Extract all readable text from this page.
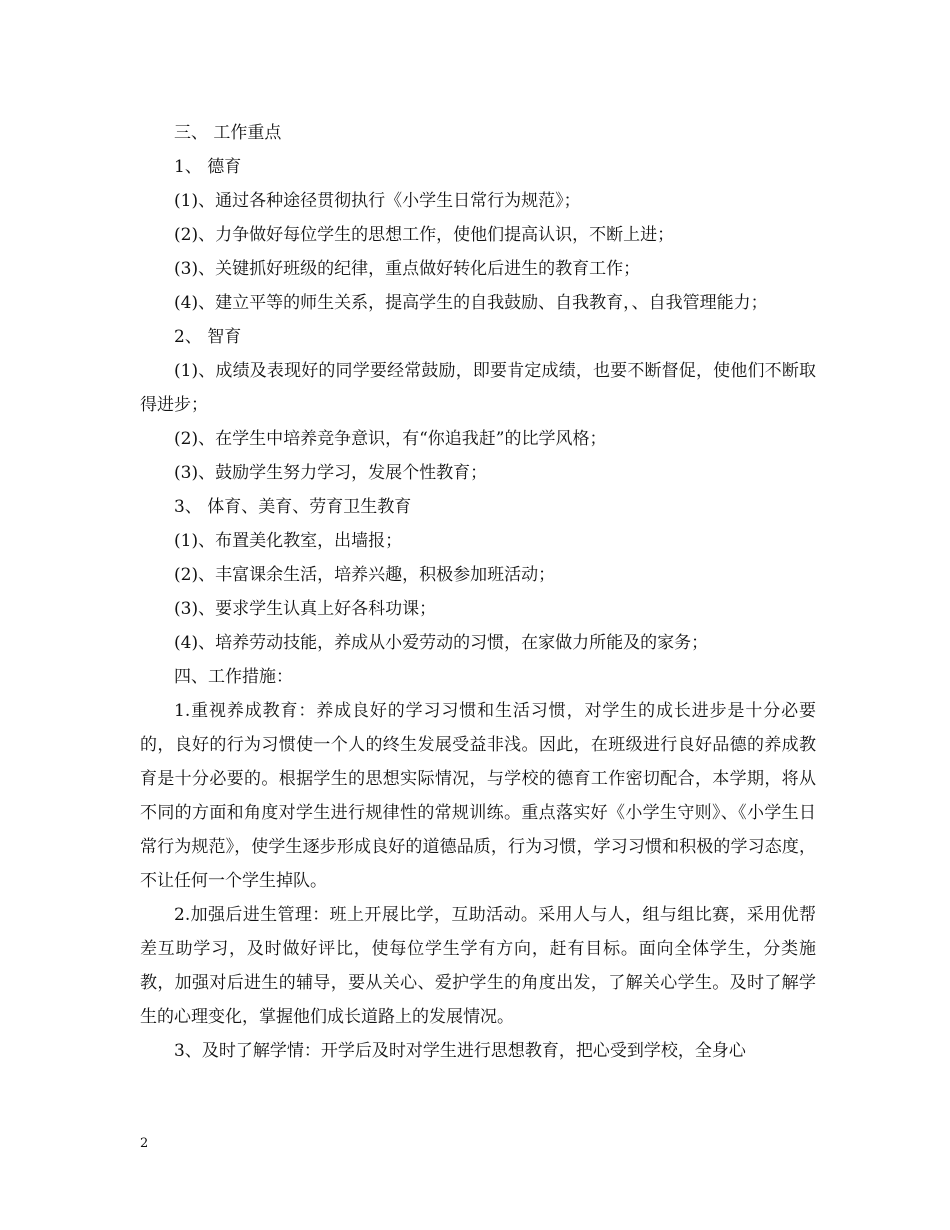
三、 工作重点

1、 德育

(1)、通过各种途径贯彻执行《小学生日常行为规范》；

(2)、力争做好每位学生的思想工作，使他们提高认识，不断上进；

(3)、关键抓好班级的纪律，重点做好转化后进生的教育工作；

(4)、建立平等的师生关系，提高学生的自我鼓励、自我教育，、自我管理能力；

2、 智育

(1)、成绩及表现好的同学要经常鼓励，即要肯定成绩，也要不断督促，使他们不断取得进步；

(2)、在学生中培养竞争意识，有“你追我赶”的比学风格；

(3)、鼓励学生努力学习，发展个性教育；

3、 体育、美育、劳育卫生教育

(1)、布置美化教室，出墙报；

(2)、丰富课余生活，培养兴趣，积极参加班活动；

(3)、要求学生认真上好各科功课；

(4)、培养劳动技能，养成从小爱劳动的习惯，在家做力所能及的家务；

四、工作措施：

1.重视养成教育：养成良好的学习习惯和生活习惯，对学生的成长进步是十分必要的，良好的行为习惯使一个人的终生发展受益非浅。因此，在班级进行良好品德的养成教育是十分必要的。根据学生的思想实际情况，与学校的德育工作密切配合，本学期，将从不同的方面和角度对学生进行规律性的常规训练。重点落实好《小学生守则》、《小学生日常行为规范》，使学生逐步形成良好的道德品质，行为习惯，学习习惯和积极的学习态度，不让任何一个学生掉队。

2.加强后进生管理：班上开展比学，互助活动。采用人与人，组与组比赛，采用优帮差互助学习，及时做好评比，使每位学生学有方向，赶有目标。面向全体学生，分类施教，加强对后进生的辅导，要从关心、爱护学生的角度出发，了解关心学生。及时了解学生的心理变化，掌握他们成长道路上的发展情况。

3、及时了解学情：开学后及时对学生进行思想教育，把心受到学校，全身心

2
